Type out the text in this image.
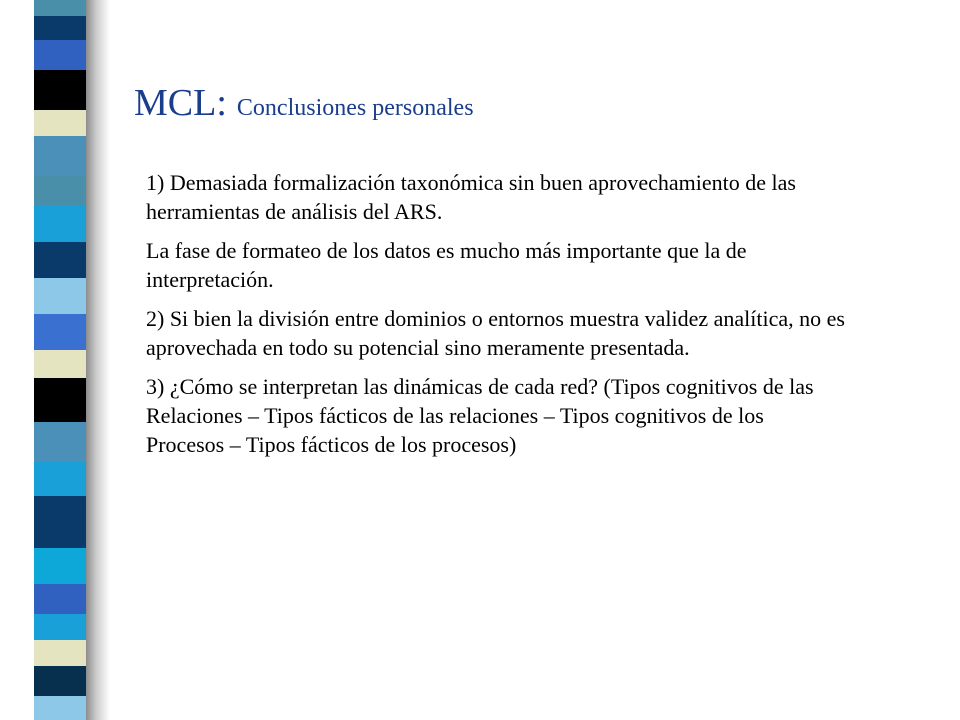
MCL: Conclusiones personales
1) Demasiada formalización taxonómica sin buen aprovechamiento de las herramientas de análisis del ARS.
La fase de formateo de los datos es mucho más importante que la de interpretación.
2) Si bien la división entre dominios o entornos muestra validez analítica, no es aprovechada en todo su potencial sino meramente presentada.
3) ¿Cómo se interpretan las dinámicas de cada red? (Tipos cognitivos de las Relaciones – Tipos fácticos de las relaciones – Tipos cognitivos de los Procesos – Tipos fácticos de los procesos)
